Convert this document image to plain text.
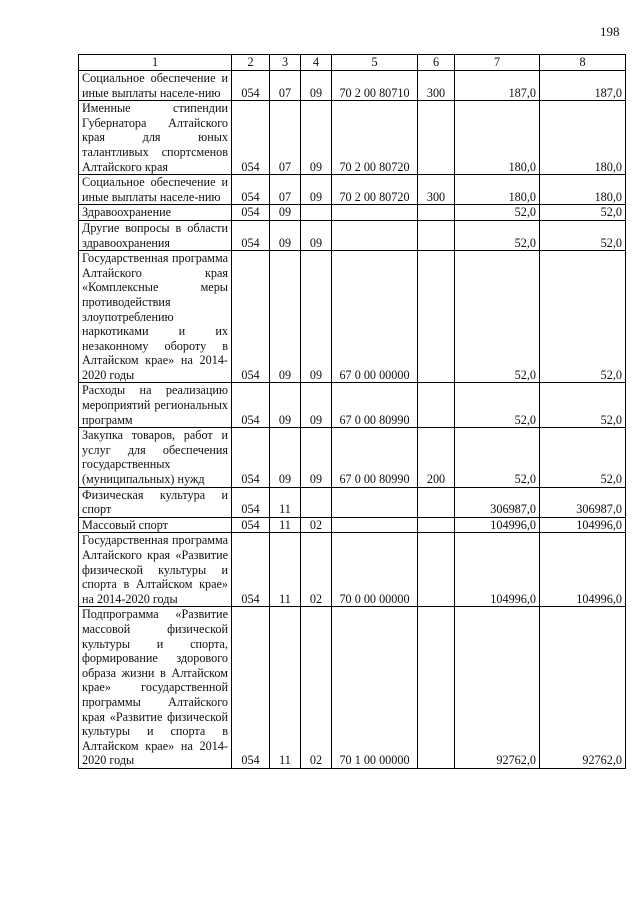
198
1	2	3	4	5	6	7	8
Социальное обеспечение и иные выплаты населе-нию	054	07	09	70 2 00 80710	300	187,0	187,0
Именные стипендии Губернатора Алтайского края для юных талантливых спортсменов Алтайского края	054	07	09	70 2 00 80720		180,0	180,0
Социальное обеспечение и иные выплаты населе-нию	054	07	09	70 2 00 80720	300	180,0	180,0
Здравоохранение	054	09				52,0	52,0
Другие вопросы в области здравоохранения	054	09	09			52,0	52,0
Государственная программа Алтайского края «Комплексные меры противодействия злоупотреблению наркотиками и их незаконному обороту в Алтайском крае» на 2014-2020 годы	054	09	09	67 0 00 00000		52,0	52,0
Расходы на реализацию мероприятий региональных программ	054	09	09	67 0 00 80990		52,0	52,0
Закупка товаров, работ и услуг для обеспечения государственных (муниципальных) нужд	054	09	09	67 0 00 80990	200	52,0	52,0
Физическая культура и спорт	054	11				306987,0	306987,0
Массовый спорт	054	11	02			104996,0	104996,0
Государственная программа Алтайского края «Развитие физической культуры и спорта в Алтайском крае» на 2014-2020 годы	054	11	02	70 0 00 00000		104996,0	104996,0
Подпрограмма «Развитие массовой физической культуры и спорта, формирование здорового образа жизни в Алтайском крае» государственной программы Алтайского края «Развитие физической культуры и спорта в Алтайском крае» на 2014-2020 годы	054	11	02	70 1 00 00000		92762,0	92762,0
